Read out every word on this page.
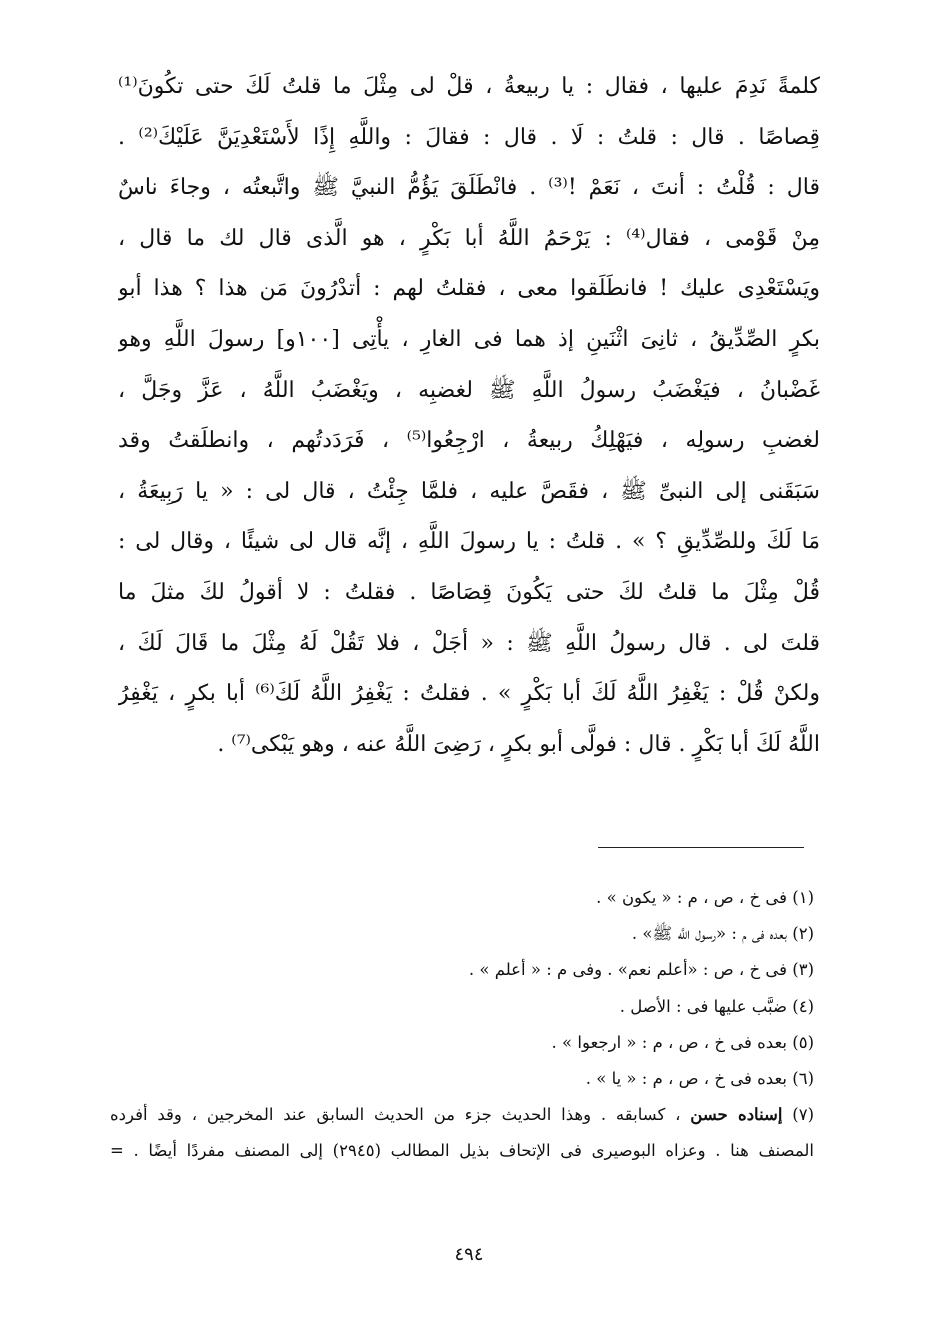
كلمةً نَدِمَ عليها ، فقال : يا ربيعةُ ، قلْ لى مِثْلَ ما قلتُ لَكَ حتى تكُونَ⁽¹⁾
قِصاصًا . قال : قلتُ : لَا . قال : فقالَ : واللَّهِ إِذًا لأَسْتَعْدِيَنَّ عَلَيْكَ⁽²⁾ .
قال : قُلْتُ : أنتَ ، نَعَمْ !⁽³⁾ . فانْطَلَقَ يَؤُمُّ النبيَّ ﷺ واتَّبعتُه ، وجاءَ ناسٌ
مِنْ قَوْمى ، فقال⁽⁴⁾ : يَرْحَمُ اللَّهُ أبا بَكْرٍ ، هو الَّذى قال لك ما قال ،
ويَسْتَعْدِى عليك ! فانطَلَقوا معى ، فقلتُ لهم : أتدْرُونَ مَن هذا ؟ هذا أبو
بكرٍ الصِّدِّيقُ ، ثانِىَ اثْنَينِ إذ هما فى الغارِ ، يأْتِى [١٠٠و] رسولَ اللَّهِ وهو
غَضْبانُ ، فيَغْضَبُ رسولُ اللَّهِ ﷺ لغضبِه ، ويَغْضَبُ اللَّهُ ، عَزَّ وجَلَّ ،
لغضبِ رسولِه ، فيَهْلِكُ ربيعةُ ، ارْجِعُوا⁽⁵⁾ ، فَرَدَدتُهم ، وانطلَقتُ وقد
سَبَقَنى إلى النبىِّ ﷺ ، فقَصَّ عليه ، فلمَّا جِئْتُ ، قال لى : « يا رَبِيعَةُ ،
مَا لَكَ وللصِّدِّيقِ ؟ » . قلتُ : يا رسولَ اللَّهِ ، إنَّه قال لى شيئًا ، وقال لى :
قُلْ مِثْلَ ما قلتُ لكَ حتى يَكُونَ قِصَاصًا . فقلتُ : لا أقولُ لكَ مثلَ ما
قلتَ لى . قال رسولُ اللَّهِ ﷺ : « أجَلْ ، فلا تَقُلْ لَهُ مِثْلَ ما قَالَ لَكَ ،
ولكنْ قُلْ : يَغْفِرُ اللَّهُ لَكَ أبا بَكْرٍ » . فقلتُ : يَغْفِرُ اللَّهُ لَكَ⁽⁶⁾ أبا بكرٍ ، يَغْفِرُ
اللَّهُ لَكَ أبا بَكْرٍ . قال : فولَّى أبو بكرٍ ، رَضِىَ اللَّهُ عنه ، وهو يَبْكى⁽⁷⁾ .
(١) فى خ ، ص ، م : « يكون » .
(٢) بعده فى م : «رسول اللَّه ﷺ» .
(٣) فى خ ، ص : «أعلم نعم» . وفى م : « أعلم » .
(٤) ضبَّب عليها فى : الأصل .
(٥) بعده فى خ ، ص ، م : « ارجعوا » .
(٦) بعده فى خ ، ص ، م : « يا » .
(٧) إسناده حسن ، كسابقه . وهذا الحديث جزء من الحديث السابق عند المخرجين ، وقد أفرده
المصنف هنا . وعزاه البوصيرى فى الإتحاف بذيل المطالب (٢٩٤٥) إلى المصنف مفردًا أيضًا . =
٤٩٤
